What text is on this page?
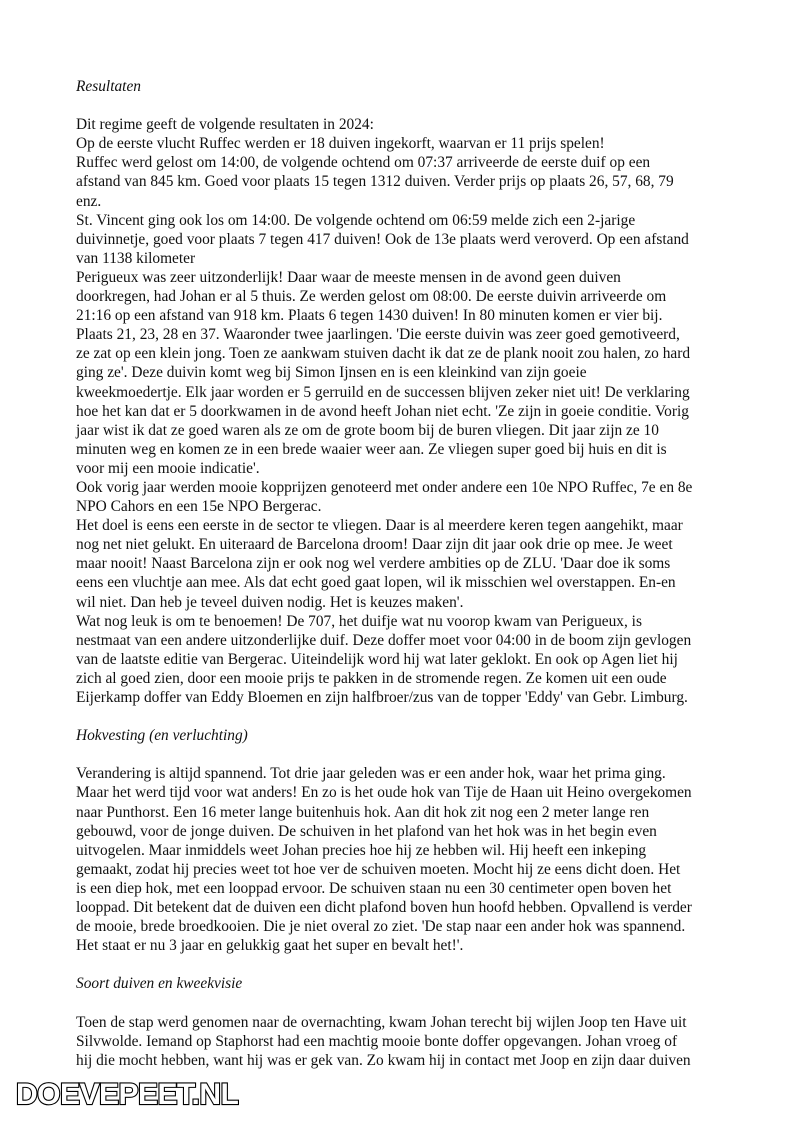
Resultaten
Dit regime geeft de volgende resultaten in 2024:
Op de eerste vlucht Ruffec werden er 18 duiven ingekorft, waarvan er 11 prijs spelen!
Ruffec werd gelost om 14:00, de volgende ochtend om 07:37 arriveerde de eerste duif op een
afstand van 845 km. Goed voor plaats 15 tegen 1312 duiven. Verder prijs op plaats 26, 57, 68, 79
enz.
St. Vincent ging ook los om 14:00. De volgende ochtend om 06:59 melde zich een 2-jarige
duivinnetje, goed voor plaats 7 tegen 417 duiven! Ook de 13e plaats werd veroverd. Op een afstand
van 1138 kilometer
Perigueux was zeer uitzonderlijk! Daar waar de meeste mensen in de avond geen duiven
doorkregen, had Johan er al 5 thuis. Ze werden gelost om 08:00. De eerste duivin arriveerde om
21:16 op een afstand van 918 km. Plaats 6 tegen 1430 duiven! In 80 minuten komen er vier bij.
Plaats 21, 23, 28 en 37. Waaronder twee jaarlingen. 'Die eerste duivin was zeer goed gemotiveerd,
ze zat op een klein jong. Toen ze aankwam stuiven dacht ik dat ze de plank nooit zou halen, zo hard
ging ze'. Deze duivin komt weg bij Simon Ijnsen en is een kleinkind van zijn goeie
kweekmoedertje. Elk jaar worden er 5 gerruild en de successen blijven zeker niet uit! De verklaring
hoe het kan dat er 5 doorkwamen in de avond heeft Johan niet echt. 'Ze zijn in goeie conditie. Vorig
jaar wist ik dat ze goed waren als ze om de grote boom bij de buren vliegen. Dit jaar zijn ze 10
minuten weg en komen ze in een brede waaier weer aan. Ze vliegen super goed bij huis en dit is
voor mij een mooie indicatie'.
Ook vorig jaar werden mooie kopprijzen genoteerd met onder andere een 10e NPO Ruffec, 7e en 8e
NPO Cahors en een 15e NPO Bergerac.
Het doel is eens een eerste in de sector te vliegen. Daar is al meerdere keren tegen aangehikt, maar
nog net niet gelukt. En uiteraard de Barcelona droom! Daar zijn dit jaar ook drie op mee. Je weet
maar nooit! Naast Barcelona zijn er ook nog wel verdere ambities op de ZLU. 'Daar doe ik soms
eens een vluchtje aan mee. Als dat echt goed gaat lopen, wil ik misschien wel overstappen. En-en
wil niet. Dan heb je teveel duiven nodig. Het is keuzes maken'.
Wat nog leuk is om te benoemen! De 707, het duifje wat nu voorop kwam van Perigueux, is
nestmaat van een andere uitzonderlijke duif. Deze doffer moet voor 04:00 in de boom zijn gevlogen
van de laatste editie van Bergerac. Uiteindelijk word hij wat later geklokt. En ook op Agen liet hij
zich al goed zien, door een mooie prijs te pakken in de stromende regen. Ze komen uit een oude
Eijerkamp doffer van Eddy Bloemen en zijn halfbroer/zus van de topper 'Eddy' van Gebr. Limburg.
Hokvesting (en verluchting)
Verandering is altijd spannend. Tot drie jaar geleden was er een ander hok, waar het prima ging.
Maar het werd tijd voor wat anders! En zo is het oude hok van Tije de Haan uit Heino overgekomen
naar Punthorst. Een 16 meter lange buitenhuis hok. Aan dit hok zit nog een 2 meter lange ren
gebouwd, voor de jonge duiven. De schuiven in het plafond van het hok was in het begin even
uitvogelen. Maar inmiddels weet Johan precies hoe hij ze hebben wil. Hij heeft een inkeping
gemaakt, zodat hij precies weet tot hoe ver de schuiven moeten. Mocht hij ze eens dicht doen. Het
is een diep hok, met een looppad ervoor. De schuiven staan nu een 30 centimeter open boven het
looppad. Dit betekent dat de duiven een dicht plafond boven hun hoofd hebben. Opvallend is verder
de mooie, brede broedkooien. Die je niet overal zo ziet. 'De stap naar een ander hok was spannend.
Het staat er nu 3 jaar en gelukkig gaat het super en bevalt het!'.
Soort duiven en kweekvisie
Toen de stap werd genomen naar de overnachting, kwam Johan terecht bij wijlen Joop ten Have uit
Silvwolde. Iemand op Staphorst had een machtig mooie bonte doffer opgevangen. Johan vroeg of
hij die mocht hebben, want hij was er gek van. Zo kwam hij in contact met Joop en zijn daar duiven
DOEVEPEET.NL
